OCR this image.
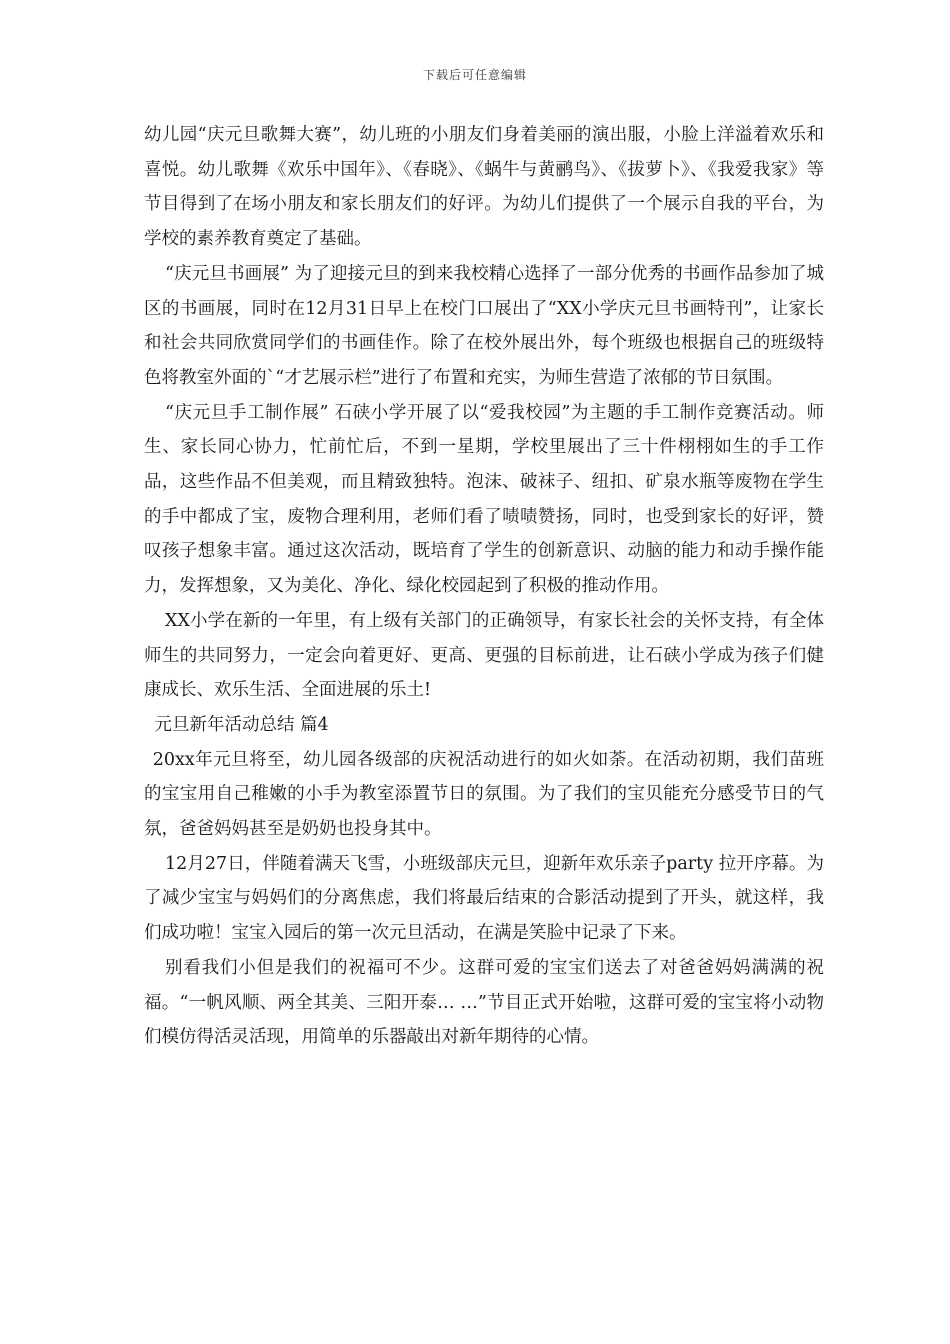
下载后可任意编辑

幼儿园“庆元旦歌舞大赛”，幼儿班的小朋友们身着美丽的演出服，小脸上洋溢着欢乐和喜悦。幼儿歌舞《欢乐中国年》、《春晓》、《蜗牛与黄鹂鸟》、《拔萝卜》、《我爱我家》等节目得到了在场小朋友和家长朋友们的好评。为幼儿们提供了一个展示自我的平台，为学校的素养教育奠定了基础。

“庆元旦书画展” 为了迎接元旦的到来我校精心选择了一部分优秀的书画作品参加了城区的书画展，同时在12月31日早上在校门口展出了“XX小学庆元旦书画特刊”，让家长和社会共同欣赏同学们的书画佳作。除了在校外展出外，每个班级也根据自己的班级特色将教室外面的`“才艺展示栏”进行了布置和充实，为师生营造了浓郁的节日氛围。

“庆元旦手工制作展” 石硖小学开展了以“爱我校园”为主题的手工制作竞赛活动。师生、家长同心协力，忙前忙后，不到一星期，学校里展出了三十件栩栩如生的手工作品，这些作品不但美观，而且精致独特。泡沫、破袜子、纽扣、矿泉水瓶等废物在学生的手中都成了宝，废物合理利用，老师们看了啧啧赞扬，同时，也受到家长的好评，赞叹孩子想象丰富。通过这次活动，既培育了学生的创新意识、动脑的能力和动手操作能力，发挥想象，又为美化、净化、绿化校园起到了积极的推动作用。

XX小学在新的一年里，有上级有关部门的正确领导，有家长社会的关怀支持，有全体师生的共同努力，一定会向着更好、更高、更强的目标前进，让石硖小学成为孩子们健康成长、欢乐生活、全面进展的乐土!

元旦新年活动总结 篇4

20xx年元旦将至，幼儿园各级部的庆祝活动进行的如火如荼。在活动初期，我们苗班的宝宝用自己稚嫩的小手为教室添置节日的氛围。为了我们的宝贝能充分感受节日的气氛，爸爸妈妈甚至是奶奶也投身其中。

12月27日，伴随着满天飞雪，小班级部庆元旦，迎新年欢乐亲子party 拉开序幕。为了减少宝宝与妈妈们的分离焦虑，我们将最后结束的合影活动提到了开头，就这样，我们成功啦！宝宝入园后的第一次元旦活动，在满是笑脸中记录了下来。

别看我们小但是我们的祝福可不少。这群可爱的宝宝们送去了对爸爸妈妈满满的祝福。“一帆风顺、两全其美、三阳开泰… …”节目正式开始啦，这群可爱的宝宝将小动物们模仿得活灵活现，用简单的乐器敲出对新年期待的心情。
